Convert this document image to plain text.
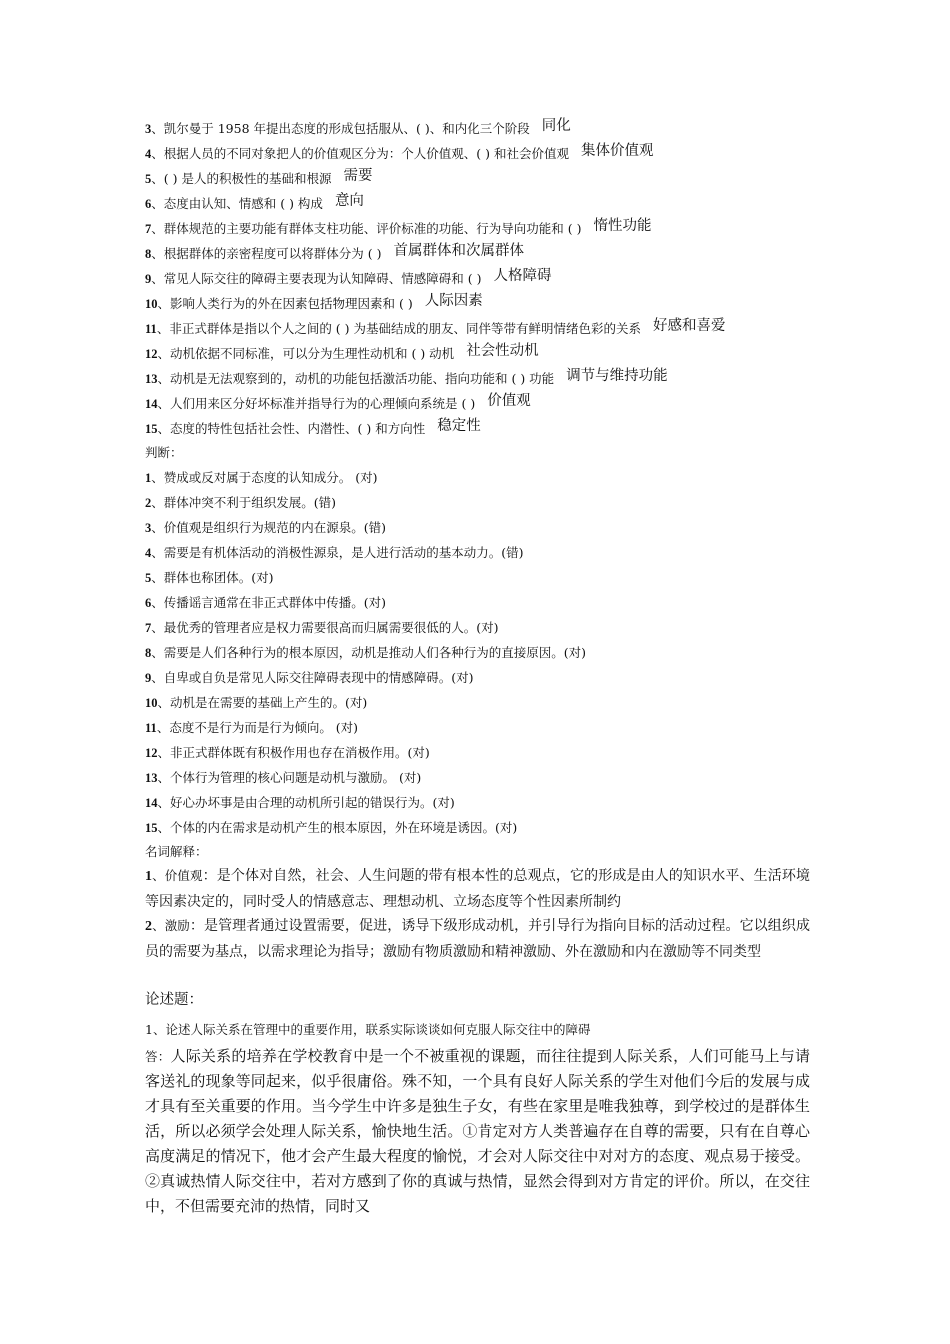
3、凯尔曼于 1958 年提出态度的形成包括服从、( )、和内化三个阶段 同化
4、根据人员的不同对象把人的价值观区分为：个人价值观、( ) 和社会价值观 集体价值观
5、( ) 是人的积极性的基础和根源 需要
6、态度由认知、情感和 ( ) 构成 意向
7、群体规范的主要功能有群体支柱功能、评价标准的功能、行为导向功能和 ( ) 惰性功能
8、根据群体的亲密程度可以将群体分为 ( ) 首属群体和次属群体
9、常见人际交往的障碍主要表现为认知障碍、情感障碍和 ( ) 人格障碍
10、影响人类行为的外在因素包括物理因素和 ( ) 人际因素
11、非正式群体是指以个人之间的 ( ) 为基础结成的朋友、同伴等带有鲜明情绪色彩的关系 好感和喜爱
12、动机依据不同标准，可以分为生理性动机和 ( ) 动机 社会性动机
13、动机是无法观察到的，动机的功能包括激活功能、指向功能和 ( ) 功能 调节与维持功能
14、人们用来区分好坏标准并指导行为的心理倾向系统是 ( ) 价值观
15、态度的特性包括社会性、内潜性、( ) 和方向性 稳定性
判断：
1、赞成或反对属于态度的认知成分。 (对)
2、群体冲突不利于组织发展。(错)
3、价值观是组织行为规范的内在源泉。(错)
4、需要是有机体活动的消极性源泉，是人进行活动的基本动力。(错)
5、群体也称团体。(对)
6、传播谣言通常在非正式群体中传播。(对)
7、最优秀的管理者应是权力需要很高而归属需要很低的人。(对)
8、需要是人们各种行为的根本原因，动机是推动人们各种行为的直接原因。(对)
9、自卑或自负是常见人际交往障碍表现中的情感障碍。(对)
10、动机是在需要的基础上产生的。(对)
11、态度不是行为而是行为倾向。 (对)
12、非正式群体既有积极作用也存在消极作用。(对)
13、个体行为管理的核心问题是动机与激励。 (对)
14、好心办坏事是由合理的动机所引起的错误行为。(对)
15、个体的内在需求是动机产生的根本原因，外在环境是诱因。(对)
名词解释：
1、价值观：是个体对自然，社会、人生问题的带有根本性的总观点，它的形成是由人的知识水平、生活环境等因素决定的，同时受人的情感意志、理想动机、立场态度等个性因素所制约
2、激励：是管理者通过设置需要，促进，诱导下级形成动机，并引导行为指向目标的活动过程。它以组织成 员的需要为基点，以需求理论为指导；激励有物质激励和精神激励、外在激励和内在激励等不同类型
论述题：
1、论述人际关系在管理中的重要作用，联系实际谈谈如何克服人际交往中的障碍
答：人际关系的培养在学校教育中是一个不被重视的课题，而往往提到人际关系，人们可能马上与请客送礼的现象等同起来，似乎很庸俗。殊不知，一个具有良好人际关系的学生对他们今后的发展与成才具有至关重要的作用。当今学生中许多是独生子女，有些在家里是唯我独尊，到学校过的是群体生活，所以必须学会处理人际关系，愉快地生活。①肯定对方人类普遍存在自尊的需要，只有在自尊心高度满足的情况下，他才会产生最大程度的愉悦，才会对人际交往中对对方的态度、观点易于接受。 ②真诚热情人际交往中，若对方感到了你的真诚与热情，显然会得到对方肯定的评价。所以，在交往中，不但需要充沛的热情，同时又
